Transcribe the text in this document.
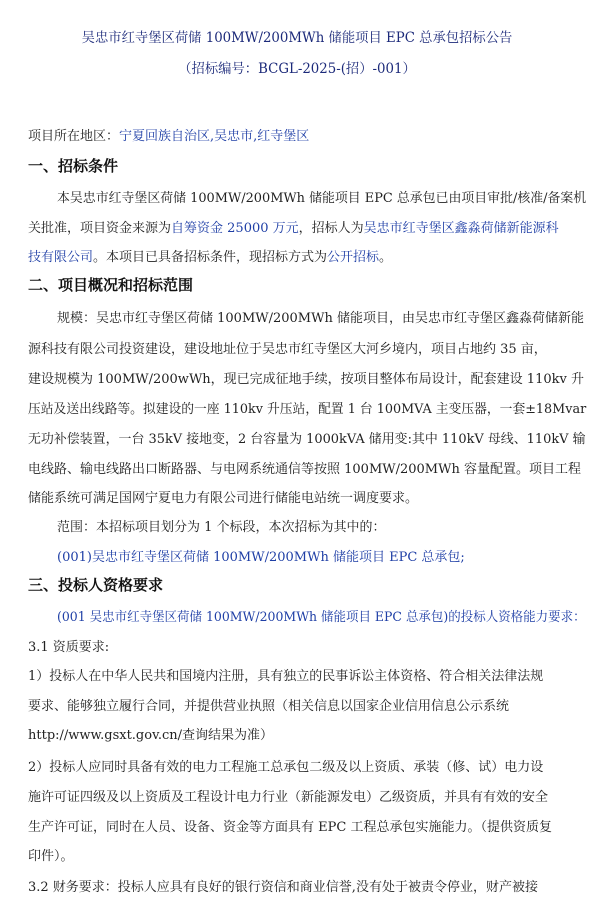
吴忠市红寺堡区荷储 100MW/200MWh 储能项目 EPC 总承包招标公告
（招标编号：BCGL-2025-(招）-001）
项目所在地区：宁夏回族自治区,吴忠市,红寺堡区
一、招标条件
本吴忠市红寺堡区荷储 100MW/200MWh 储能项目 EPC 总承包已由项目审批/核准/备案机
关批准，项目资金来源为自筹资金 25000 万元，招标人为吴忠市红寺堡区鑫淼荷储新能源科
技有限公司。本项目已具备招标条件，现招标方式为公开招标。
二、项目概况和招标范围
规模：吴忠市红寺堡区荷储 100MW/200MWh 储能项目，由吴忠市红寺堡区鑫淼荷储新能
源科技有限公司投资建设，建设地址位于吴忠市红寺堡区大河乡境内，项目占地约 35 亩，
建设规模为 100MW/200wWh，现已完成征地手续，按项目整体布局设计，配套建设 110kv 升
压站及送出线路等。拟建设的一座 110kv 升压站，配置 1 台 100MVA 主变压器，一套±18Mvar
无功补偿装置，一台 35kV 接地变，2 台容量为 1000kVA 储用变:其中 110kV 母线、110kV 输
电线路、输电线路出口断路器、与电网系统通信等按照 100MW/200MWh 容量配置。项目工程
储能系统可满足国网宁夏电力有限公司进行储能电站统一调度要求。
范围：本招标项目划分为 1 个标段，本次招标为其中的：
(001)吴忠市红寺堡区荷储 100MW/200MWh 储能项目 EPC 总承包;
三、投标人资格要求
(001 吴忠市红寺堡区荷储 100MW/200MWh 储能项目 EPC 总承包)的投标人资格能力要求：
3.1 资质要求:
1）投标人在中华人民共和国境内注册，具有独立的民事诉讼主体资格、符合相关法律法规
要求、能够独立履行合同，并提供营业执照（相关信息以国家企业信用信息公示系统
http://www.gsxt.gov.cn/查询结果为准）
2）投标人应同时具备有效的电力工程施工总承包二级及以上资质、承装（修、试）电力设
施许可证四级及以上资质及工程设计电力行业（新能源发电）乙级资质，并具有有效的安全
生产许可证，同时在人员、设备、资金等方面具有 EPC 工程总承包实施能力。（提供资质复
印件）。
3.2 财务要求：投标人应具有良好的银行资信和商业信誉,没有处于被责令停业，财产被接
